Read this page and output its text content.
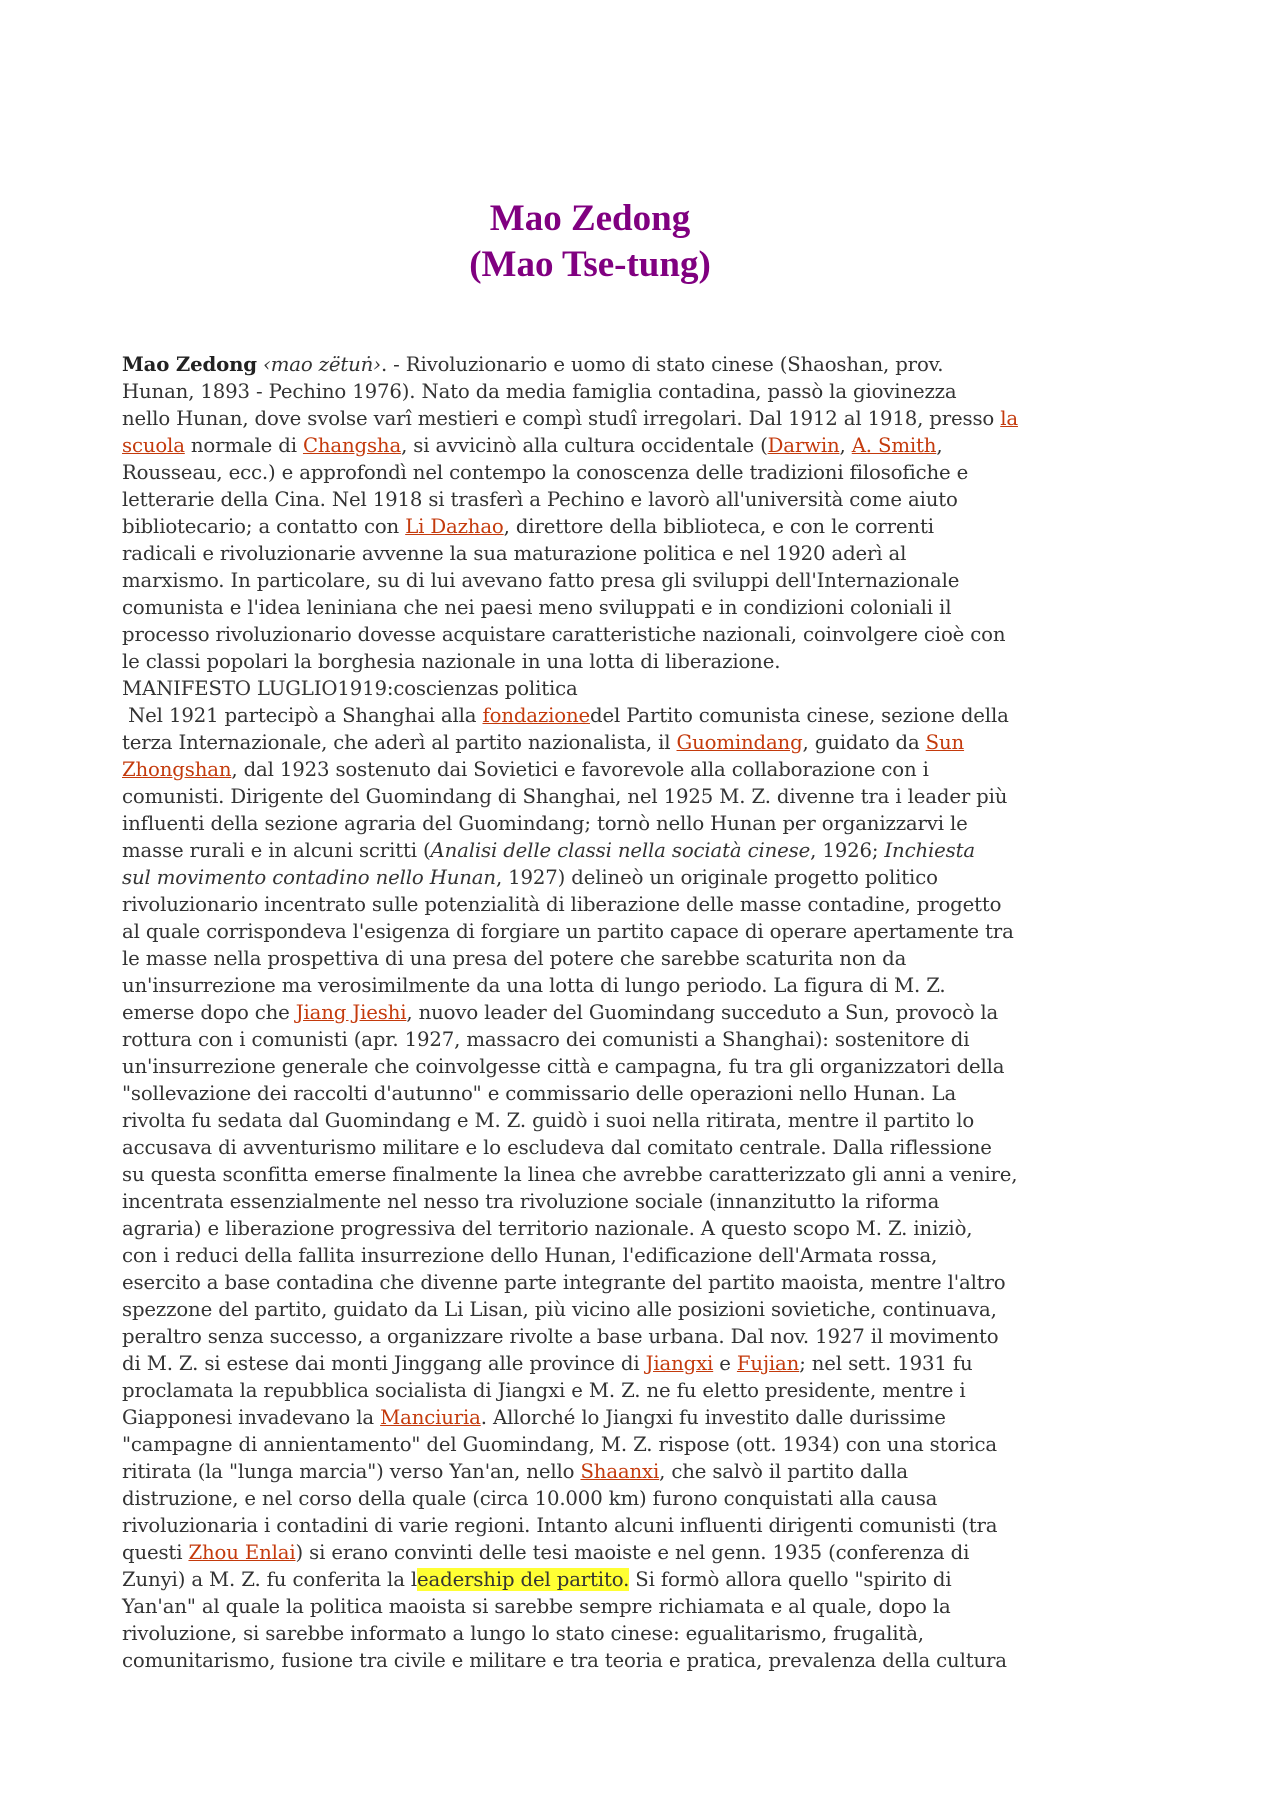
Mao Zedong
(Mao Tse-tung)
Mao Zedong ‹mao zëtuṅ›. - Rivoluzionario e uomo di stato cinese (Shaoshan, prov.
Hunan, 1893 - Pechino 1976). Nato da media famiglia contadina, passò la giovinezza
nello Hunan, dove svolse varî mestieri e compì studî irregolari. Dal 1912 al 1918, presso la
scuola normale di Changsha, si avvicinò alla cultura occidentale (Darwin, A. Smith,
Rousseau, ecc.) e approfondì nel contempo la conoscenza delle tradizioni filosofiche e
letterarie della Cina. Nel 1918 si trasferì a Pechino e lavorò all'università come aiuto
bibliotecario; a contatto con Li Dazhao, direttore della biblioteca, e con le correnti
radicali e rivoluzionarie avvenne la sua maturazione politica e nel 1920 aderì al
marxismo. In particolare, su di lui avevano fatto presa gli sviluppi dell'Internazionale
comunista e l'idea leniniana che nei paesi meno sviluppati e in condizioni coloniali il
processo rivoluzionario dovesse acquistare caratteristiche nazionali, coinvolgere cioè con
le classi popolari la borghesia nazionale in una lotta di liberazione.
MANIFESTO LUGLIO1919:coscienzas politica
Nel 1921 partecipò a Shanghai alla fondazionedel Partito comunista cinese, sezione della
terza Internazionale, che aderì al partito nazionalista, il Guomindang, guidato da Sun
Zhongshan, dal 1923 sostenuto dai Sovietici e favorevole alla collaborazione con i
comunisti. Dirigente del Guomindang di Shanghai, nel 1925 M. Z. divenne tra i leader più
influenti della sezione agraria del Guomindang; tornò nello Hunan per organizzarvi le
masse rurali e in alcuni scritti (Analisi delle classi nella sociatà cinese, 1926; Inchiesta
sul movimento contadino nello Hunan, 1927) delineò un originale progetto politico
rivoluzionario incentrato sulle potenzialità di liberazione delle masse contadine, progetto
al quale corrispondeva l'esigenza di forgiare un partito capace di operare apertamente tra
le masse nella prospettiva di una presa del potere che sarebbe scaturita non da
un'insurrezione ma verosimilmente da una lotta di lungo periodo. La figura di M. Z.
emerse dopo che Jiang Jieshi, nuovo leader del Guomindang succeduto a Sun, provocò la
rottura con i comunisti (apr. 1927, massacro dei comunisti a Shanghai): sostenitore di
un'insurrezione generale che coinvolgesse città e campagna, fu tra gli organizzatori della
"sollevazione dei raccolti d'autunno" e commissario delle operazioni nello Hunan. La
rivolta fu sedata dal Guomindang e M. Z. guidò i suoi nella ritirata, mentre il partito lo
accusava di avventurismo militare e lo escludeva dal comitato centrale. Dalla riflessione
su questa sconfitta emerse finalmente la linea che avrebbe caratterizzato gli anni a venire,
incentrata essenzialmente nel nesso tra rivoluzione sociale (innanzitutto la riforma
agraria) e liberazione progressiva del territorio nazionale. A questo scopo M. Z. iniziò,
con i reduci della fallita insurrezione dello Hunan, l'edificazione dell'Armata rossa,
esercito a base contadina che divenne parte integrante del partito maoista, mentre l'altro
spezzone del partito, guidato da Li Lisan, più vicino alle posizioni sovietiche, continuava,
peraltro senza successo, a organizzare rivolte a base urbana. Dal nov. 1927 il movimento
di M. Z. si estese dai monti Jinggang alle province di Jiangxi e Fujian; nel sett. 1931 fu
proclamata la repubblica socialista di Jiangxi e M. Z. ne fu eletto presidente, mentre i
Giapponesi invadevano la Manciuria. Allorché lo Jiangxi fu investito dalle durissime
"campagne di annientamento" del Guomindang, M. Z. rispose (ott. 1934) con una storica
ritirata (la "lunga marcia") verso Yan'an, nello Shaanxi, che salvò il partito dalla
distruzione, e nel corso della quale (circa 10.000 km) furono conquistati alla causa
rivoluzionaria i contadini di varie regioni. Intanto alcuni influenti dirigenti comunisti (tra
questi Zhou Enlai) si erano convinti delle tesi maoiste e nel genn. 1935 (conferenza di
Zunyi) a M. Z. fu conferita la leadership del partito. Si formò allora quello "spirito di
Yan'an" al quale la politica maoista si sarebbe sempre richiamata e al quale, dopo la
rivoluzione, si sarebbe informato a lungo lo stato cinese: egualitarismo, frugalità,
comunitarismo, fusione tra civile e militare e tra teoria e pratica, prevalenza della cultura
